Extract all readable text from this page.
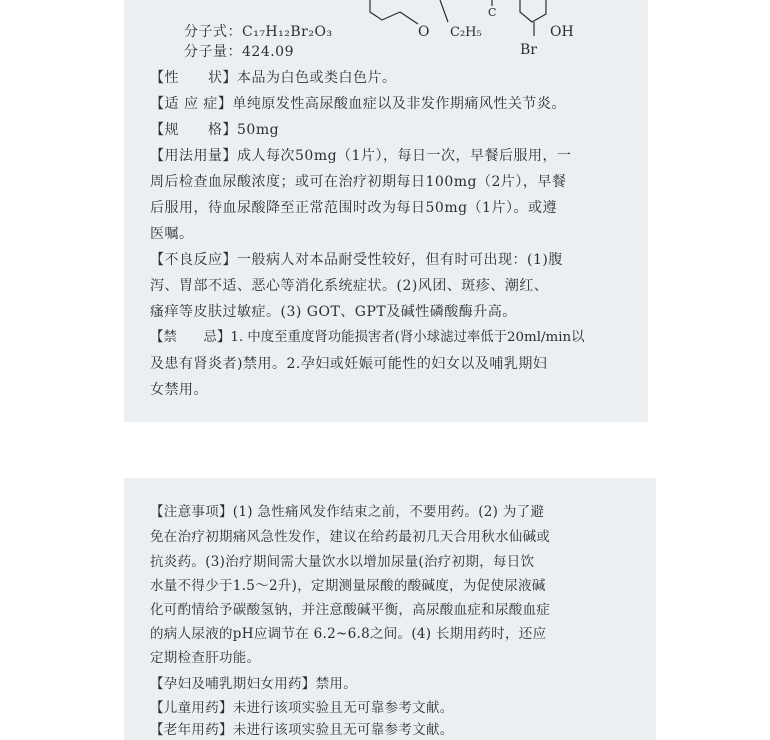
O C₂H₅
C
OH
Br
分子式：C₁₇H₁₂Br₂O₃
分子量：424.09
【性　　状】本品为白色或类白色片。
【适 应 症】单纯原发性高尿酸血症以及非发作期痛风性关节炎。
【规　　格】50mg
【用法用量】成人每次50mg（1片），每日一次，早餐后服用，一
周后检查血尿酸浓度；或可在治疗初期每日100mg（2片），早餐
后服用，待血尿酸降至正常范围时改为每日50mg（1片）。或遵
医嘱。
【不良反应】一般病人对本品耐受性较好，但有时可出现：(1)腹
泻、胃部不适、恶心等消化系统症状。(2)风团、斑疹、潮红、
瘙痒等皮肤过敏症。(3) GOT、GPT及碱性磷酸酶升高。
【禁　　忌】1. 中度至重度肾功能损害者(肾小球滤过率低于20ml/min以
及患有肾炎者)禁用。2.孕妇或妊娠可能性的妇女以及哺乳期妇
女禁用。
【注意事项】(1) 急性痛风发作结束之前，不要用药。(2) 为了避
免在治疗初期痛风急性发作，建议在给药最初几天合用秋水仙碱或
抗炎药。(3)治疗期间需大量饮水以增加尿量(治疗初期，每日饮
水量不得少于1.5～2升)，定期测量尿酸的酸碱度，为促使尿液碱
化可酌情给予碳酸氢钠，并注意酸碱平衡，高尿酸血症和尿酸血症
的病人尿液的pH应调节在 6.2~6.8之间。(4) 长期用药时，还应
定期检查肝功能。
【孕妇及哺乳期妇女用药】禁用。
【儿童用药】未进行该项实验且无可靠参考文献。
【老年用药】未进行该项实验且无可靠参考文献。
